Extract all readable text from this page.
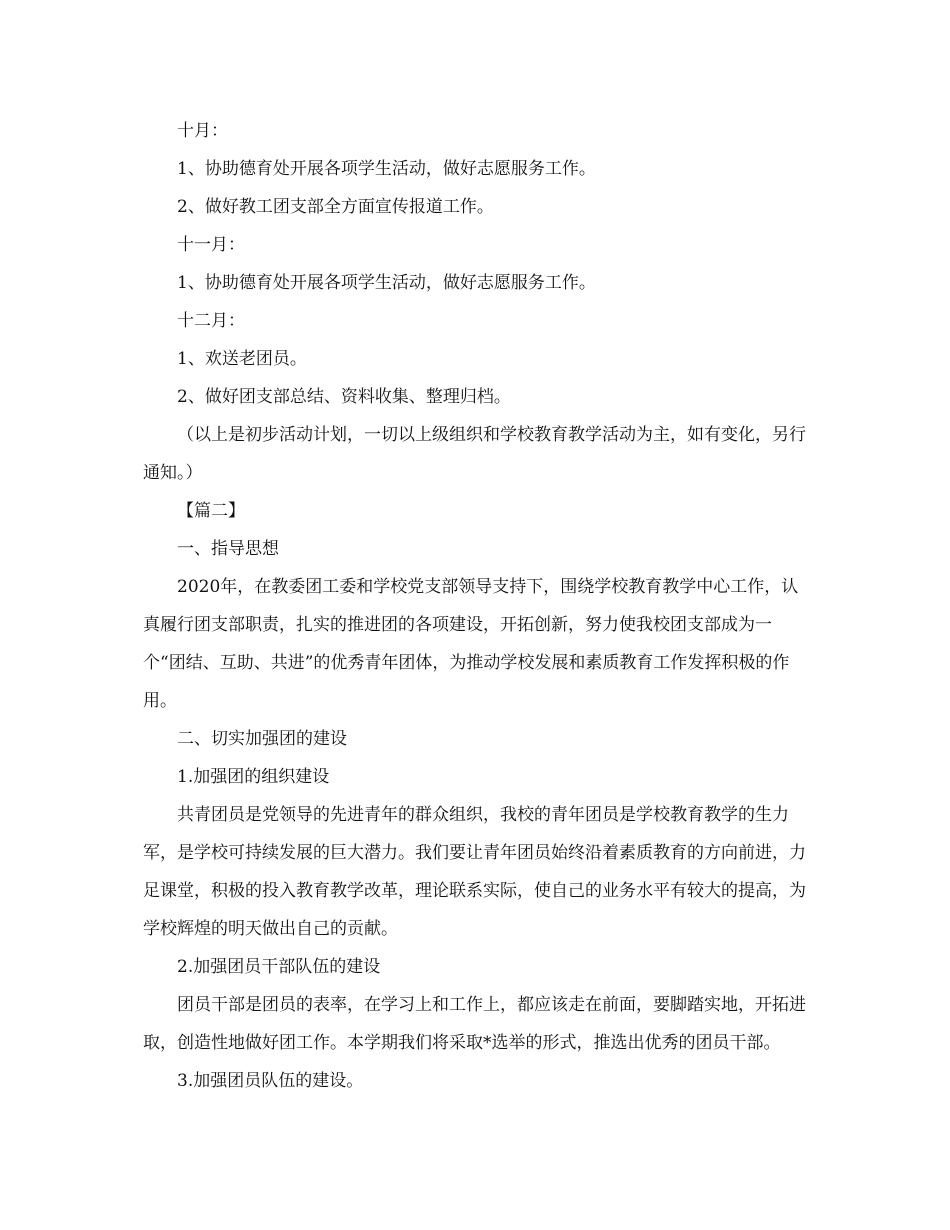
十月：

1、协助德育处开展各项学生活动，做好志愿服务工作。

2、做好教工团支部全方面宣传报道工作。

十一月：

1、协助德育处开展各项学生活动，做好志愿服务工作。

十二月：

1、欢送老团员。

2、做好团支部总结、资料收集、整理归档。

（以上是初步活动计划，一切以上级组织和学校教育教学活动为主，如有变化，另行通知。）

【篇二】

一、指导思想

2020年，在教委团工委和学校党支部领导支持下，围绕学校教育教学中心工作，认真履行团支部职责，扎实的推进团的各项建设，开拓创新，努力使我校团支部成为一个“团结、互助、共进”的优秀青年团体，为推动学校发展和素质教育工作发挥积极的作用。

二、切实加强团的建设

1.加强团的组织建设

共青团员是党领导的先进青年的群众组织，我校的青年团员是学校教育教学的生力军，是学校可持续发展的巨大潜力。我们要让青年团员始终沿着素质教育的方向前进，力足课堂，积极的投入教育教学改革，理论联系实际，使自己的业务水平有较大的提高，为学校辉煌的明天做出自己的贡献。

2.加强团员干部队伍的建设

团员干部是团员的表率，在学习上和工作上，都应该走在前面，要脚踏实地，开拓进取，创造性地做好团工作。本学期我们将采取*选举的形式，推选出优秀的团员干部。

3.加强团员队伍的建设。
